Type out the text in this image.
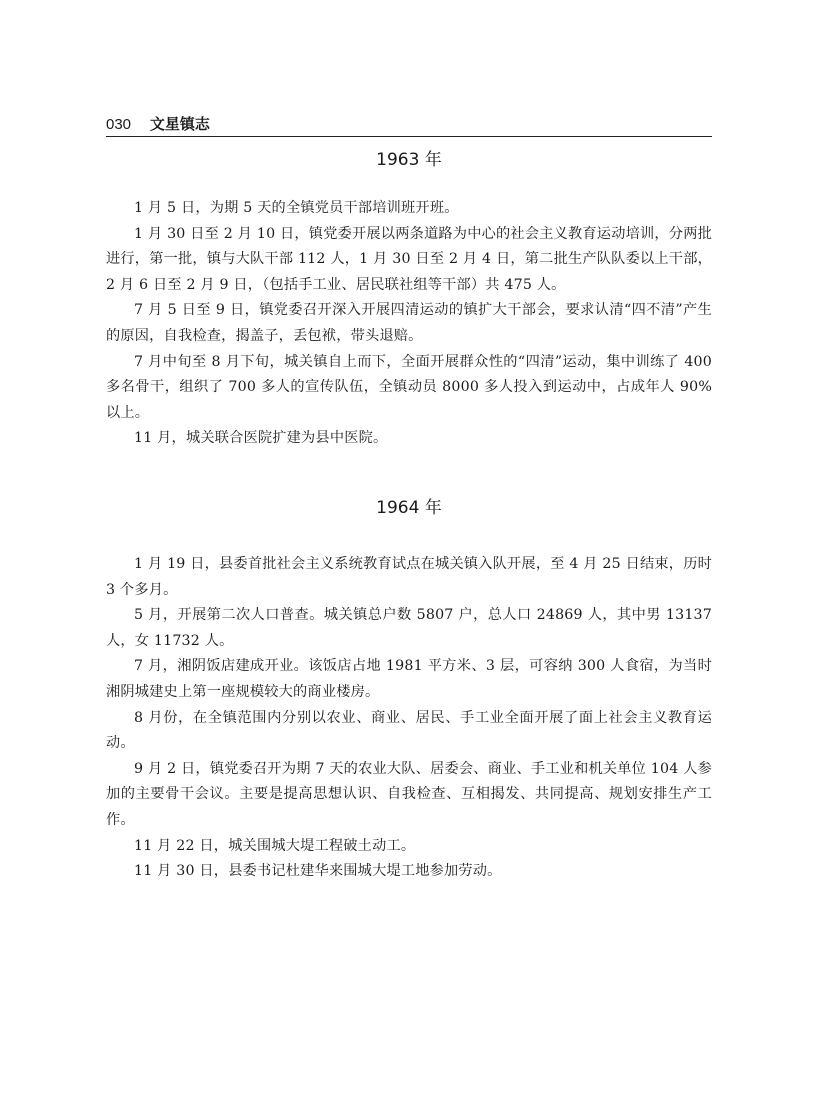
030 文星镇志
1963 年

1 月 5 日，为期 5 天的全镇党员干部培训班开班。

1 月 30 日至 2 月 10 日，镇党委开展以两条道路为中心的社会主义教育运动培训，分两批进行，第一批，镇与大队干部 112 人，1 月 30 日至 2 月 4 日，第二批生产队队委以上干部，2 月 6 日至 2 月 9 日，（包括手工业、居民联社组等干部）共 475 人。

7 月 5 日至 9 日，镇党委召开深入开展四清运动的镇扩大干部会，要求认清“四不清”产生的原因，自我检查，揭盖子，丢包袱，带头退赔。

7 月中旬至 8 月下旬，城关镇自上而下，全面开展群众性的“四清”运动，集中训练了 400 多名骨干，组织了 700 多人的宣传队伍，全镇动员 8000 多人投入到运动中，占成年人 90% 以上。

11 月，城关联合医院扩建为县中医院。

1964 年

1 月 19 日，县委首批社会主义系统教育试点在城关镇入队开展，至 4 月 25 日结束，历时 3 个多月。

5 月，开展第二次人口普查。城关镇总户数 5807 户，总人口 24869 人，其中男 13137 人，女 11732 人。

7 月，湘阴饭店建成开业。该饭店占地 1981 平方米、3 层，可容纳 300 人食宿，为当时湘阴城建史上第一座规模较大的商业楼房。

8 月份，在全镇范围内分别以农业、商业、居民、手工业全面开展了面上社会主义教育运动。

9 月 2 日，镇党委召开为期 7 天的农业大队、居委会、商业、手工业和机关单位 104 人参加的主要骨干会议。主要是提高思想认识、自我检查、互相揭发、共同提高、规划安排生产工作。

11 月 22 日，城关围城大堤工程破土动工。

11 月 30 日，县委书记杜建华来围城大堤工地参加劳动。
